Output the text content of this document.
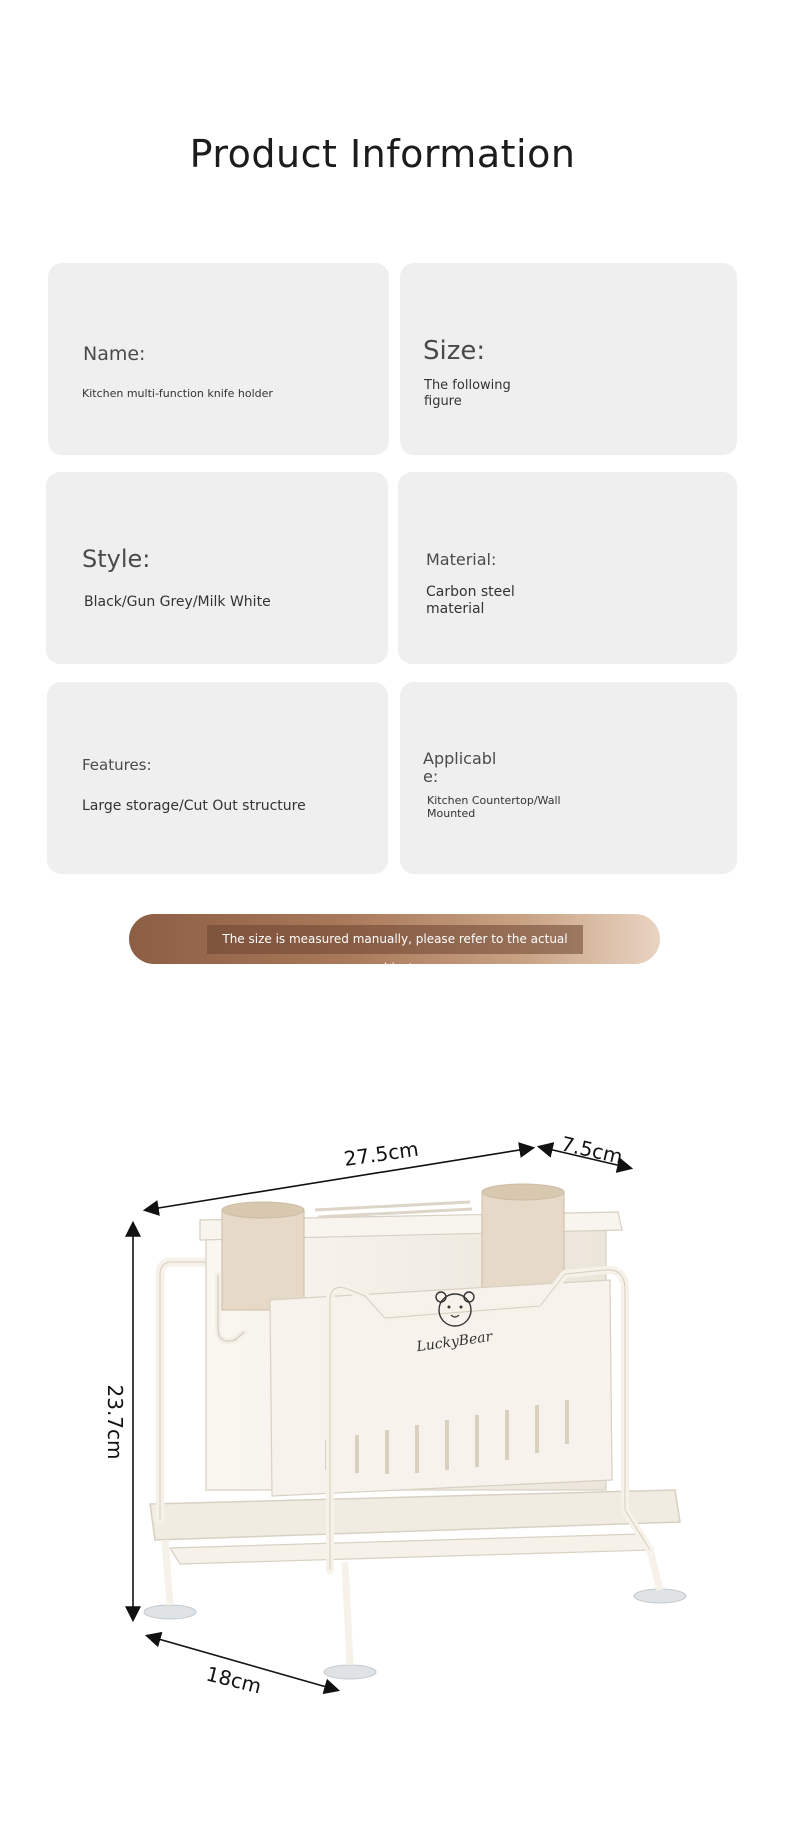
Product Information
Name:
Kitchen multi-function knife holder
Size:
The following
figure
Style:
Black/Gun Grey/Milk White
Material:
Carbon steel
material
Features:
Large storage/Cut Out structure
Applicabl
e:
Kitchen Countertop/Wall
Mounted
The size is measured manually, please refer to the actual object
LuckyBear
27.5cm	7.5cm
23.7cm
18cm
